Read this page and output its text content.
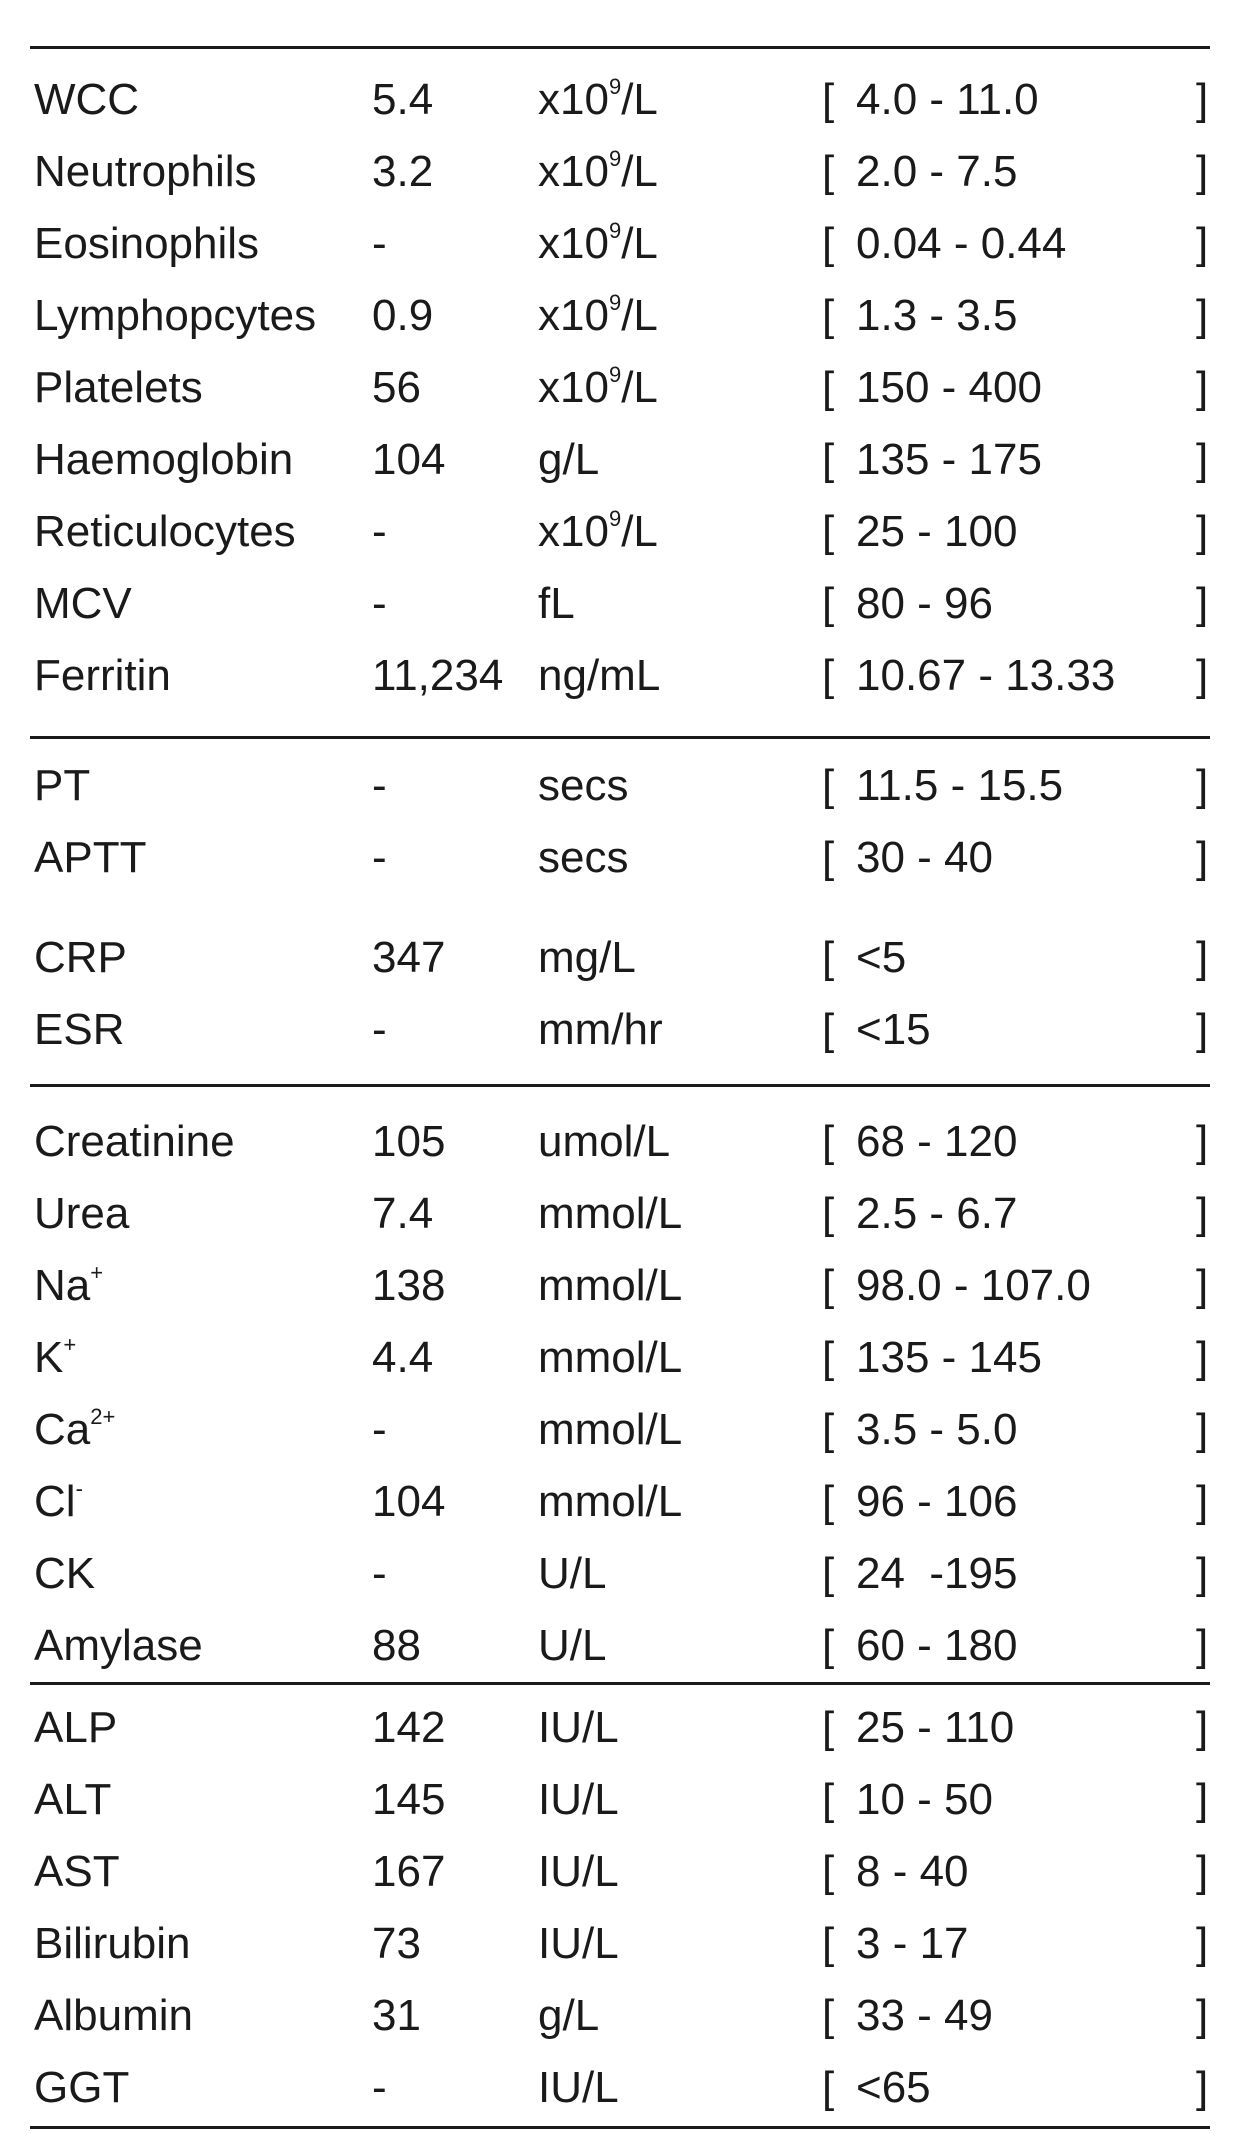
WCC	5.4 $x10^9/L$	[ 4.0 - 11.0	]
Neutrophils	3.2 $x10^9/L$	[ 2.0 - 7.5	]
Eosinophils	-	$x10^9/L$	[ 0.04 - 0.44	]
Lymphopcytes 0.9 $x10^9/L$	[ 1.3 - 3.5	]
Platelets	56	$x10^9/L$	[ 150 - 400	]
Haemoglobin 104 g/L	[ 135 - 175	]
Reticulocytes -	$x10^9/L$	[ 25 - 100	]
MCV	-	fL	[ 80 - 96	]
Ferritin	11,234 ng/mL	[ 10.67 - 13.33 ]
PT	-	secs	[ 11.5 - 15.5	]
APTT	-	secs	[ 30 - 40	]
CRP	347 mg/L	[ <5	]
ESR	-	mm/hr	[ <15	]
Creatinine	105 umol/L	[ 68 - 120	]
Urea	7.4 mmol/L	[ 2.5 - 6.7	]
Na+	138 mmol/L	[ 98.0 - 107.0 ]
K+	4.4 mmol/L	[ 135 - 145	]
$Ca^{2+}$	-	mmol/L	[ 3.5 - 5.0	]
Cl-	104 mmol/L	[ 96 - 106	]
CK	-	U/L	[ 24  -195	]
Amylase	88	U/L	[ 60 - 180	]
ALP	142 IU/L	[ 25 - 110	]
ALT	145 IU/L	[ 10 - 50	]
AST	167 IU/L	[ 8 - 40	]
Bilirubin	73	IU/L	[ 3 - 17	]
Albumin	31	g/L	[ 33 - 49	]
GGT	-	IU/L	[ <65	]
